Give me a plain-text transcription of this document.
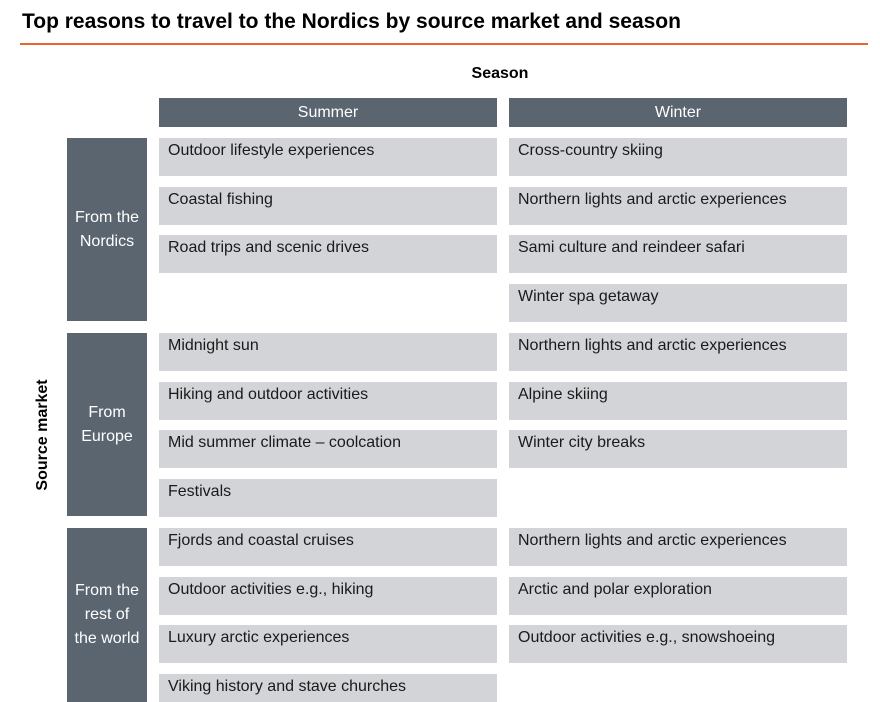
Top reasons to travel to the Nordics by source market and season
Season
Summer	Winter
Source market
From the Nordics
Outdoor lifestyle experiences
Coastal fishing
Road trips and scenic drives
Cross-country skiing
Northern lights and arctic experiences
Sami culture and reindeer safari
Winter spa getaway
From Europe
Midnight sun
Hiking and outdoor activities
Mid summer climate – coolcation
Festivals
Northern lights and arctic experiences
Alpine skiing
Winter city breaks
From the rest of the world
Fjords and coastal cruises
Outdoor activities e.g., hiking
Luxury arctic experiences
Viking history and stave churches
Northern lights and arctic experiences
Arctic and polar exploration
Outdoor activities e.g., snowshoeing
